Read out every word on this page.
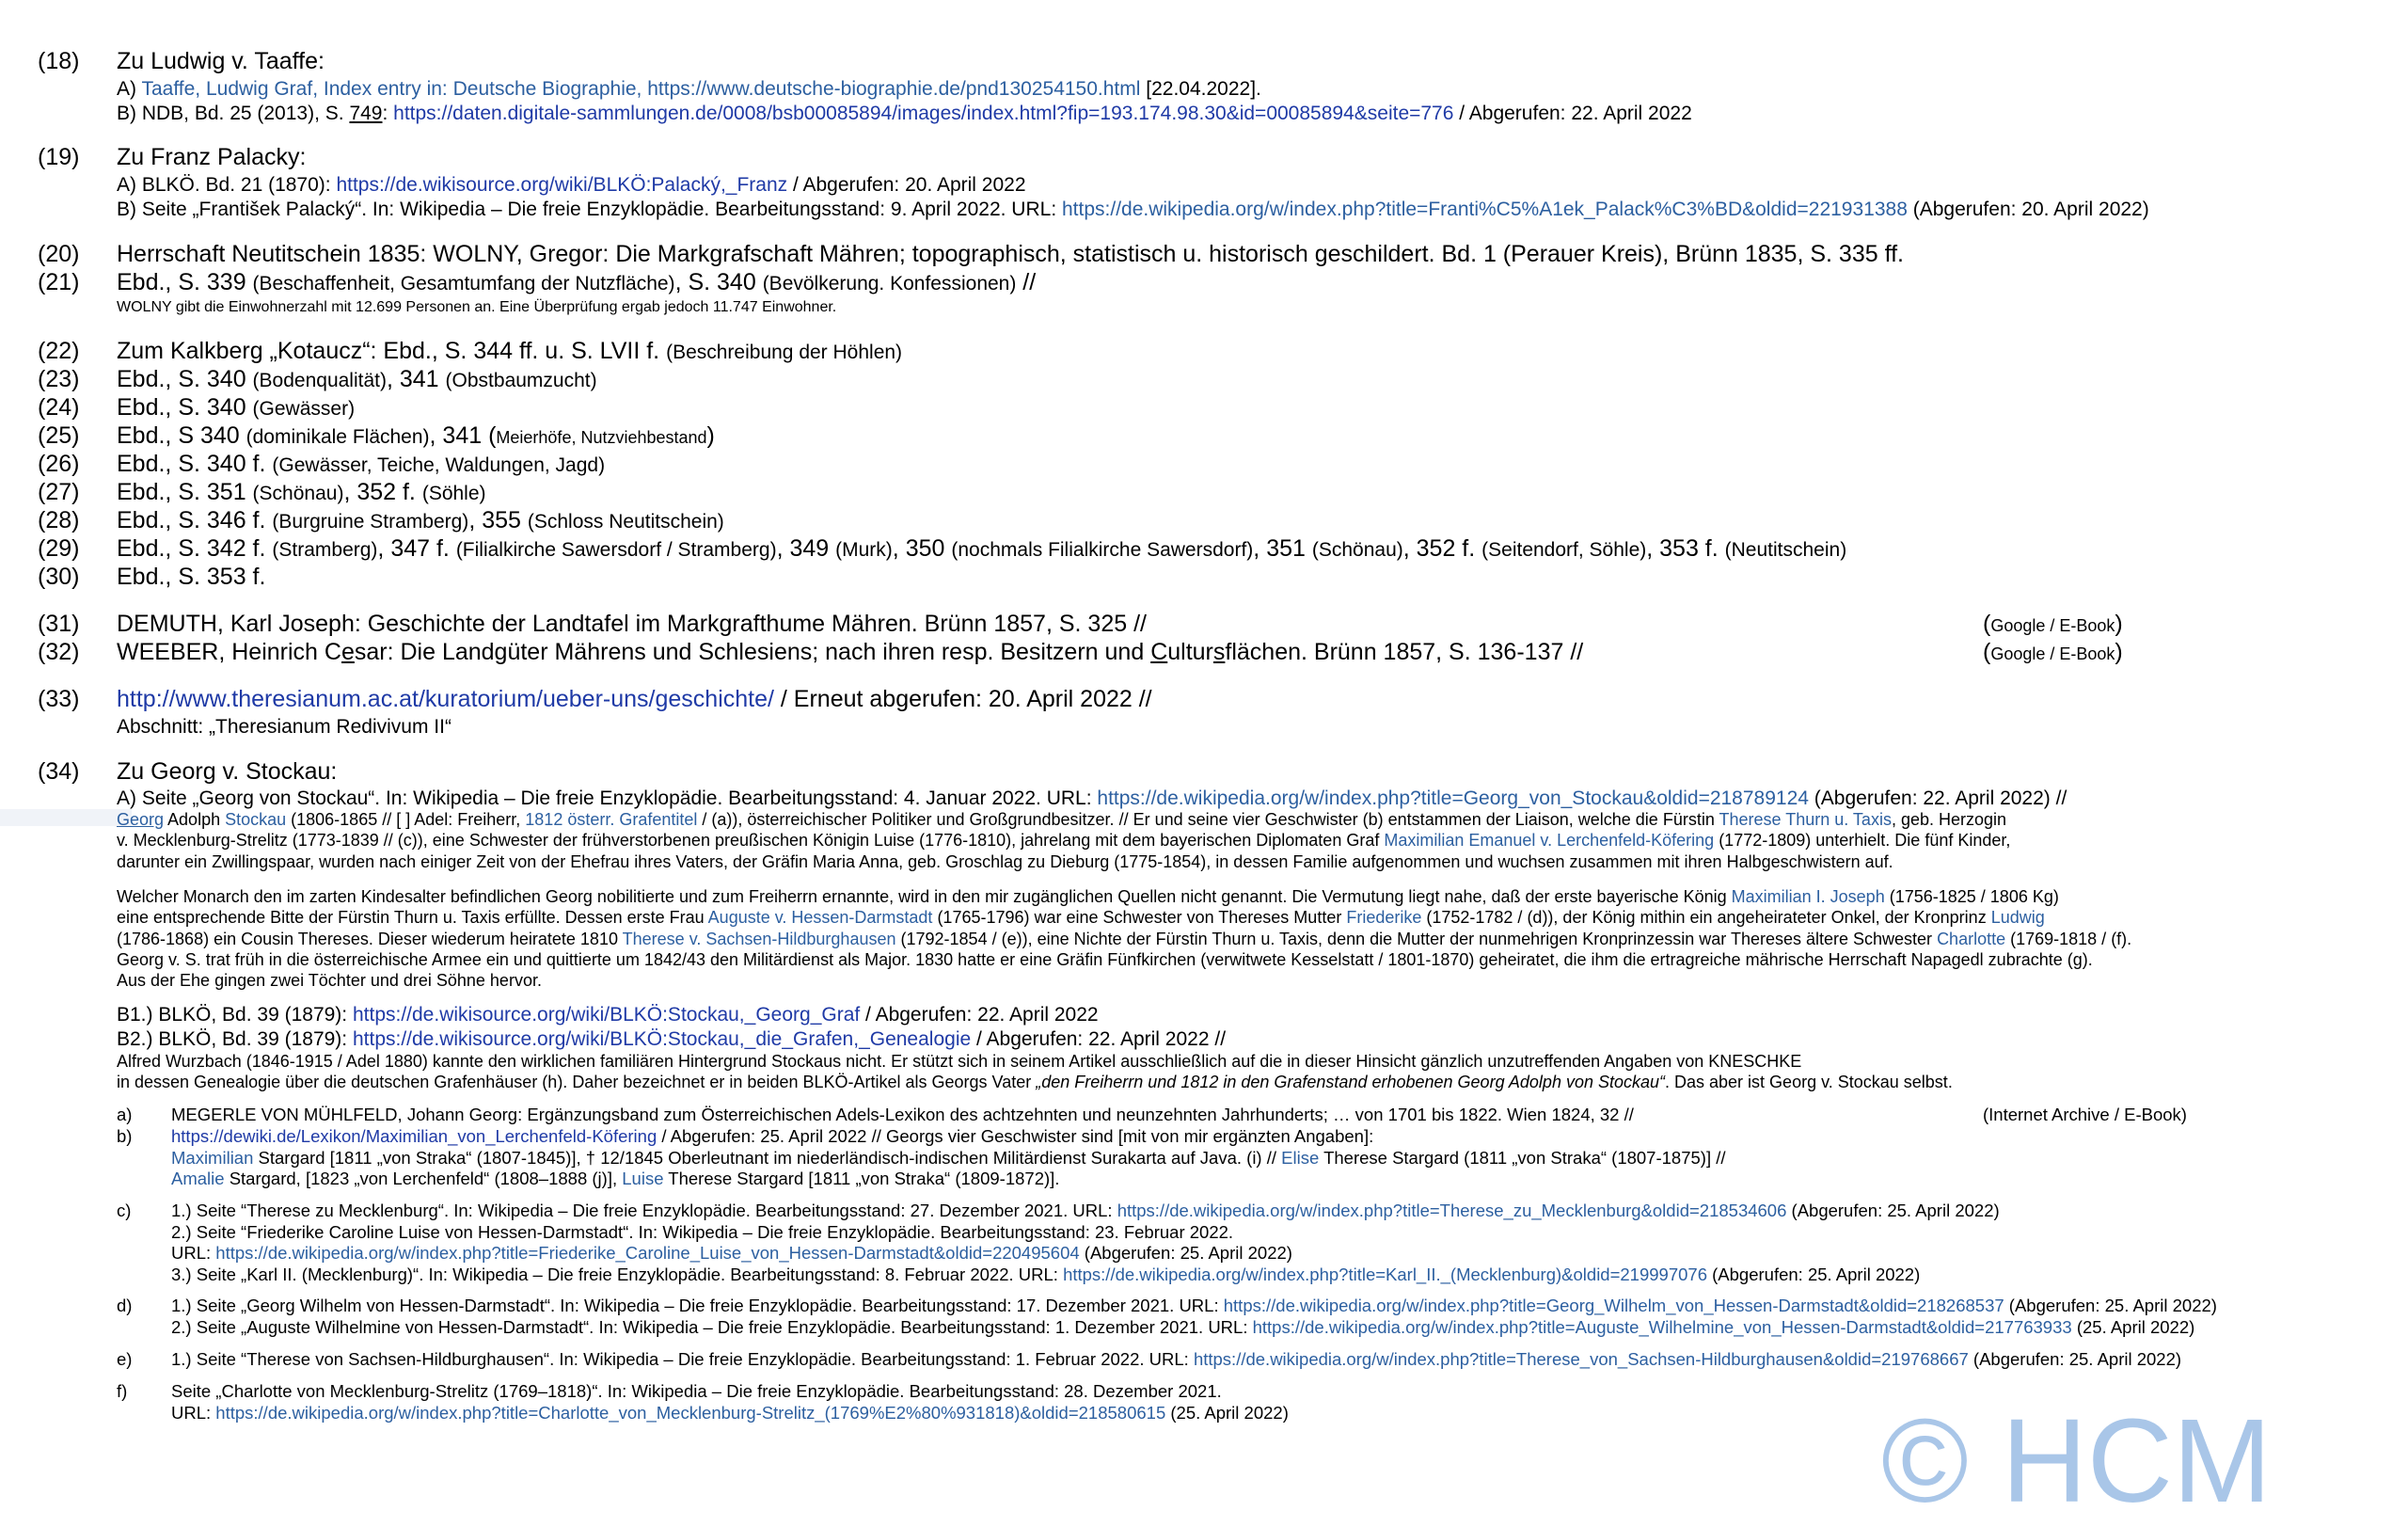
(18) Zu Ludwig v. Taaffe:
A) Taaffe, Ludwig Graf, Index entry in: Deutsche Biographie, https://www.deutsche-biographie.de/pnd130254150.html [22.04.2022].
B) NDB, Bd. 25 (2013), S. 749: https://daten.digitale-sammlungen.de/0008/bsb00085894/images/index.html?fip=193.174.98.30&id=00085894&seite=776 / Abgerufen: 22. April 2022
(19) Zu Franz Palacky:
A) BLKÖ. Bd. 21 (1870): https://de.wikisource.org/wiki/BLKÖ:Palacký,_Franz / Abgerufen: 20. April 2022
B) Seite „František Palacký“. In: Wikipedia – Die freie Enzyklopädie. Bearbeitungsstand: 9. April 2022. URL: https://de.wikipedia.org/w/index.php?title=Franti%C5%A1ek_Palack%C3%BD&oldid=221931388 (Abgerufen: 20. April 2022)
(20) Herrschaft Neutitschein 1835: WOLNY, Gregor: Die Markgrafschaft Mähren; topographisch, statistisch u. historisch geschildert. Bd. 1 (Perauer Kreis), Brünn 1835, S. 335 ff.
(21) Ebd., S. 339 (Beschaffenheit, Gesamtumfang der Nutzfläche), S. 340 (Bevölkerung. Konfessionen) //
WOLNY gibt die Einwohnerzahl mit 12.699 Personen an. Eine Überprüfung ergab jedoch 11.747 Einwohner.
(22) Zum Kalkberg „Kotaucz“: Ebd., S. 344 ff. u. S. LVII f. (Beschreibung der Höhlen)
(23) Ebd., S. 340 (Bodenqualität), 341 (Obstbaumzucht)
(24) Ebd., S. 340 (Gewässer)
(25) Ebd., S 340 (dominikale Flächen), 341 (Meierhöfe, Nutzviehbestand)
(26) Ebd., S. 340 f. (Gewässer, Teiche, Waldungen, Jagd)
(27) Ebd., S. 351 (Schönau), 352 f. (Söhle)
(28) Ebd., S. 346 f. (Burgruine Stramberg), 355 (Schloss Neutitschein)
(29) Ebd., S. 342 f. (Stramberg), 347 f. (Filialkirche Sawersdorf / Stramberg), 349 (Murk), 350 (nochmals Filialkirche Sawersdorf), 351 (Schönau), 352 f. (Seitendorf, Söhle), 353 f. (Neutitschein)
(30) Ebd., S. 353 f.
(31) DEMUTH, Karl Joseph: Geschichte der Landtafel im Markgrafthume Mähren. Brünn 1857, S. 325 //	(Google / E-Book)
(32) WEEBER, Heinrich Cesar: Die Landgüter Mährens und Schlesiens; nach ihren resp. Besitzern und Cultursflächen. Brünn 1857, S. 136-137 //	(Google / E-Book)
(33) http://www.theresianum.ac.at/kuratorium/ueber-uns/geschichte/ / Erneut abgerufen: 20. April 2022 //
Abschnitt: „Theresianum Redivivum II“
(34) Zu Georg v. Stockau:
A) Seite „Georg von Stockau“. In: Wikipedia – Die freie Enzyklopädie. Bearbeitungsstand: 4. Januar 2022. URL: https://de.wikipedia.org/w/index.php?title=Georg_von_Stockau&oldid=218789124 (Abgerufen: 22. April 2022) //
Georg Adolph Stockau (1806-1865 // [ ] Adel: Freiherr, 1812 österr. Grafentitel / (a)), österreichischer Politiker und Großgrundbesitzer. // Er und seine vier Geschwister (b) entstammen der Liaison, welche die Fürstin Therese Thurn u. Taxis, geb. Herzogin
v. Mecklenburg-Strelitz (1773-1839 // (c)), eine Schwester der frühverstorbenen preußischen Königin Luise (1776-1810), jahrelang mit dem bayerischen Diplomaten Graf Maximilian Emanuel v. Lerchenfeld-Köfering (1772-1809) unterhielt. Die fünf Kinder,
darunter ein Zwillingspaar, wurden nach einiger Zeit von der Ehefrau ihres Vaters, der Gräfin Maria Anna, geb. Groschlag zu Dieburg (1775-1854), in dessen Familie aufgenommen und wuchsen zusammen mit ihren Halbgeschwistern auf.
Welcher Monarch den im zarten Kindesalter befindlichen Georg nobilitierte und zum Freiherrn ernannte, wird in den mir zugänglichen Quellen nicht genannt. Die Vermutung liegt nahe, daß der erste bayerische König Maximilian I. Joseph (1756-1825 / 1806 Kg)
eine entsprechende Bitte der Fürstin Thurn u. Taxis erfüllte. Dessen erste Frau Auguste v. Hessen-Darmstadt (1765-1796) war eine Schwester von Thereses Mutter Friederike (1752-1782 / (d)), der König mithin ein angeheirateter Onkel, der Kronprinz Ludwig
(1786-1868) ein Cousin Thereses. Dieser wiederum heiratete 1810 Therese v. Sachsen-Hildburghausen (1792-1854 / (e)), eine Nichte der Fürstin Thurn u. Taxis, denn die Mutter der nunmehrigen Kronprinzessin war Thereses ältere Schwester Charlotte (1769-1818 / (f).
Georg v. S. trat früh in die österreichische Armee ein und quittierte um 1842/43 den Militärdienst als Major. 1830 hatte er eine Gräfin Fünfkirchen (verwitwete Kesselstatt / 1801-1870) geheiratet, die ihm die ertragreiche mährische Herrschaft Napagedl zubrachte (g).
Aus der Ehe gingen zwei Töchter und drei Söhne hervor.
B1.) BLKÖ, Bd. 39 (1879): https://de.wikisource.org/wiki/BLKÖ:Stockau,_Georg_Graf / Abgerufen: 22. April 2022
B2.) BLKÖ, Bd. 39 (1879): https://de.wikisource.org/wiki/BLKÖ:Stockau,_die_Grafen,_Genealogie / Abgerufen: 22. April 2022 //
Alfred Wurzbach (1846-1915 / Adel 1880) kannte den wirklichen familiären Hintergrund Stockaus nicht. Er stützt sich in seinem Artikel ausschließlich auf die in dieser Hinsicht gänzlich unzutreffenden Angaben von KNESCHKE
in dessen Genealogie über die deutschen Grafenhäuser (h). Daher bezeichnet er in beiden BLKÖ-Artikel als Georgs Vater „den Freiherrn und 1812 in den Grafenstand erhobenen Georg Adolph von Stockau“. Das aber ist Georg v. Stockau selbst.
a) MEGERLE VON MÜHLFELD, Johann Georg: Ergänzungsband zum Österreichischen Adels-Lexikon des achtzehnten und neunzehnten Jahrhunderts; … von 1701 bis 1822. Wien 1824, 32 //	(Internet Archive / E-Book)
b) https://dewiki.de/Lexikon/Maximilian_von_Lerchenfeld-Köfering / Abgerufen: 25. April 2022 // Georgs vier Geschwister sind [mit von mir ergänzten Angaben]:
Maximilian Stargard [1811 „von Straka“ (1807-1845)], † 12/1845 Oberleutnant im niederländisch-indischen Militärdienst Surakarta auf Java. (i) // Elise Therese Stargard (1811 „von Straka“ (1807-1875)] //
Amalie Stargard, [1823 „von Lerchenfeld“ (1808–1888 (j)], Luise Therese Stargard [1811 „von Straka“ (1809-1872)].
c) 1.) Seite “Therese zu Mecklenburg“. In: Wikipedia – Die freie Enzyklopädie. Bearbeitungsstand: 27. Dezember 2021. URL: https://de.wikipedia.org/w/index.php?title=Therese_zu_Mecklenburg&oldid=218534606 (Abgerufen: 25. April 2022)
2.) Seite “Friederike Caroline Luise von Hessen-Darmstadt“. In: Wikipedia – Die freie Enzyklopädie. Bearbeitungsstand: 23. Februar 2022.
URL: https://de.wikipedia.org/w/index.php?title=Friederike_Caroline_Luise_von_Hessen-Darmstadt&oldid=220495604 (Abgerufen: 25. April 2022)
3.) Seite „Karl II. (Mecklenburg)“. In: Wikipedia – Die freie Enzyklopädie. Bearbeitungsstand: 8. Februar 2022. URL: https://de.wikipedia.org/w/index.php?title=Karl_II._(Mecklenburg)&oldid=219997076 (Abgerufen: 25. April 2022)
d) 1.) Seite „Georg Wilhelm von Hessen-Darmstadt“. In: Wikipedia – Die freie Enzyklopädie. Bearbeitungsstand: 17. Dezember 2021. URL: https://de.wikipedia.org/w/index.php?title=Georg_Wilhelm_von_Hessen-Darmstadt&oldid=218268537 (Abgerufen: 25. April 2022)
2.) Seite „Auguste Wilhelmine von Hessen-Darmstadt“. In: Wikipedia – Die freie Enzyklopädie. Bearbeitungsstand: 1. Dezember 2021. URL: https://de.wikipedia.org/w/index.php?title=Auguste_Wilhelmine_von_Hessen-Darmstadt&oldid=217763933 (25. April 2022)
e) 1.) Seite “Therese von Sachsen-Hildburghausen“. In: Wikipedia – Die freie Enzyklopädie. Bearbeitungsstand: 1. Februar 2022. URL: https://de.wikipedia.org/w/index.php?title=Therese_von_Sachsen-Hildburghausen&oldid=219768667 (Abgerufen: 25. April 2022)
f)	Seite „Charlotte von Mecklenburg-Strelitz (1769–1818)“. In: Wikipedia – Die freie Enzyklopädie. Bearbeitungsstand: 28. Dezember 2021.
URL: https://de.wikipedia.org/w/index.php?title=Charlotte_von_Mecklenburg-Strelitz_(1769%E2%80%931818)&oldid=218580615 (25. April 2022)	© HCM
